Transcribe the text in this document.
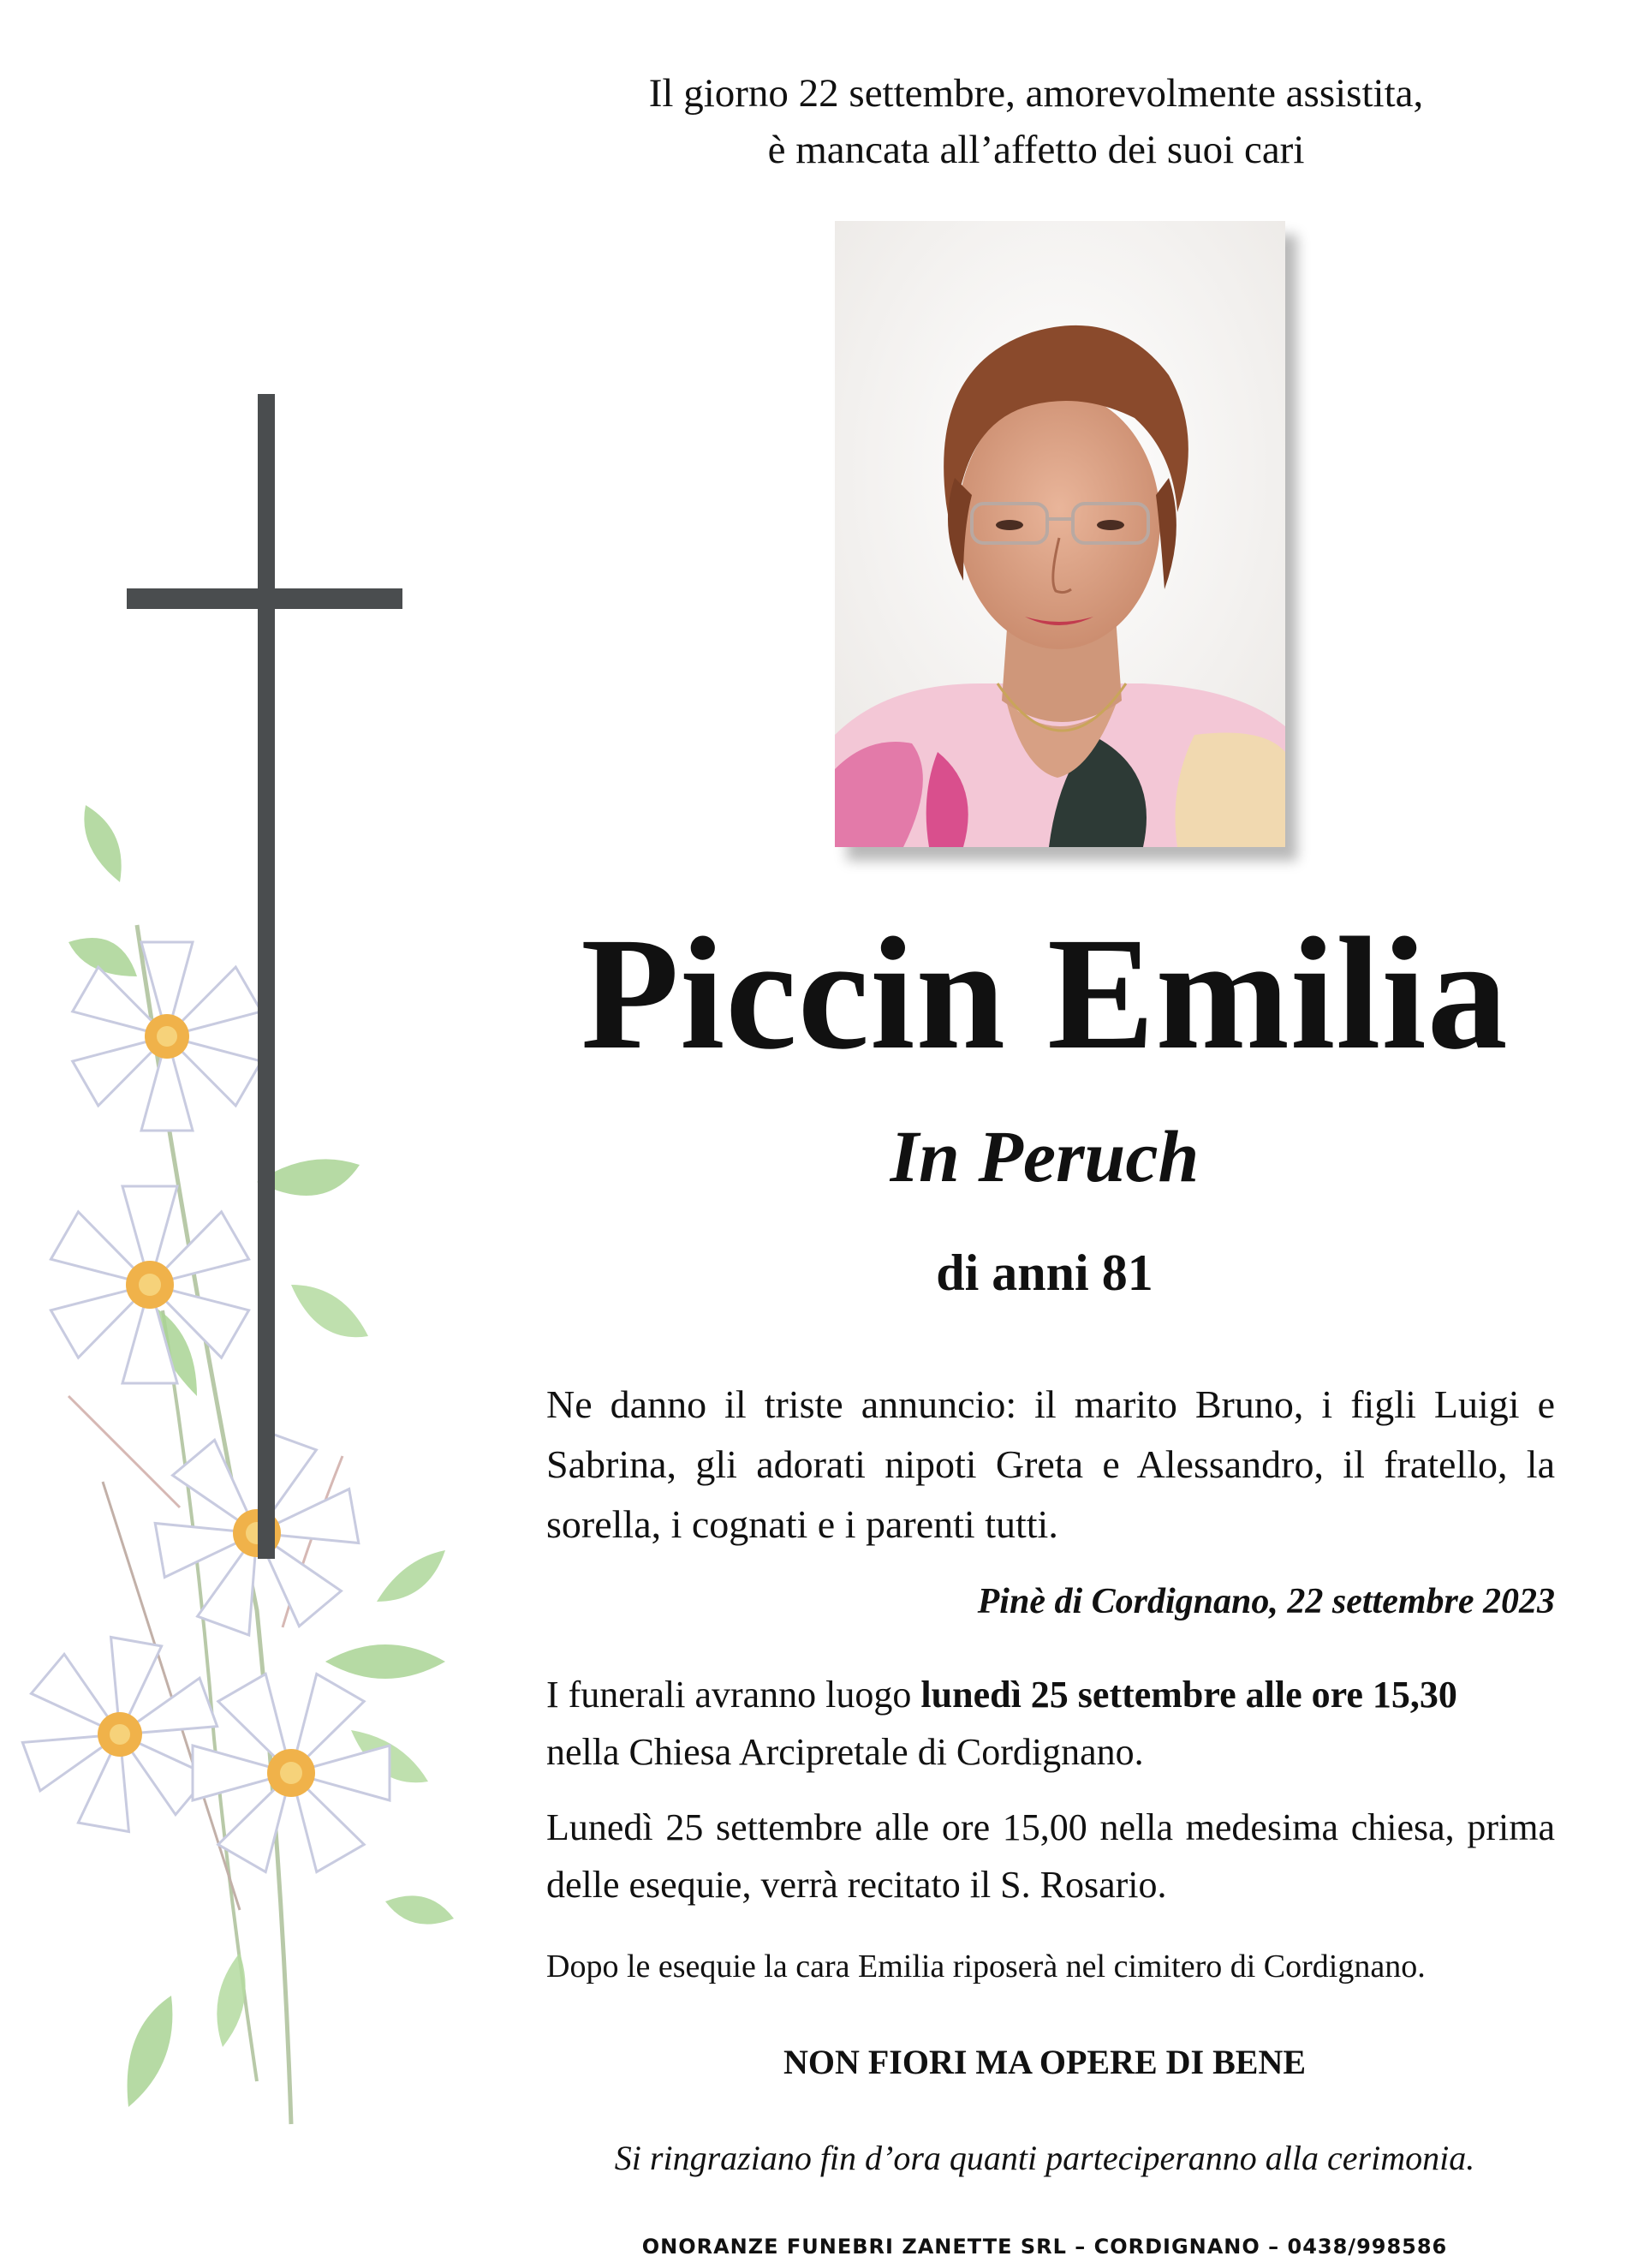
Il giorno 22 settembre, amorevolmente assistita,
è mancata all’affetto dei suoi cari
Piccin Emilia
In Peruch
di anni 81

Ne danno il triste annuncio: il marito Bruno, i figli Luigi e Sabrina, gli adorati nipoti Greta e Alessandro, il fratello, la sorella, i cognati e i parenti tutti.

Pinè di Cordignano, 22 settembre 2023

I funerali avranno luogo lunedì 25 settembre alle ore 15,30

nella Chiesa Arcipretale di Cordignano.

Lunedì 25 settembre alle ore 15,00 nella medesima chiesa, prima delle esequie, verrà recitato il S. Rosario.

Dopo le esequie la cara Emilia riposerà nel cimitero di Cordignano.
NON FIORI MA OPERE DI BENE
Si ringraziano fin d’ora quanti parteciperanno alla cerimonia.
ONORANZE FUNEBRI ZANETTE SRL – CORDIGNANO – 0438/998586
